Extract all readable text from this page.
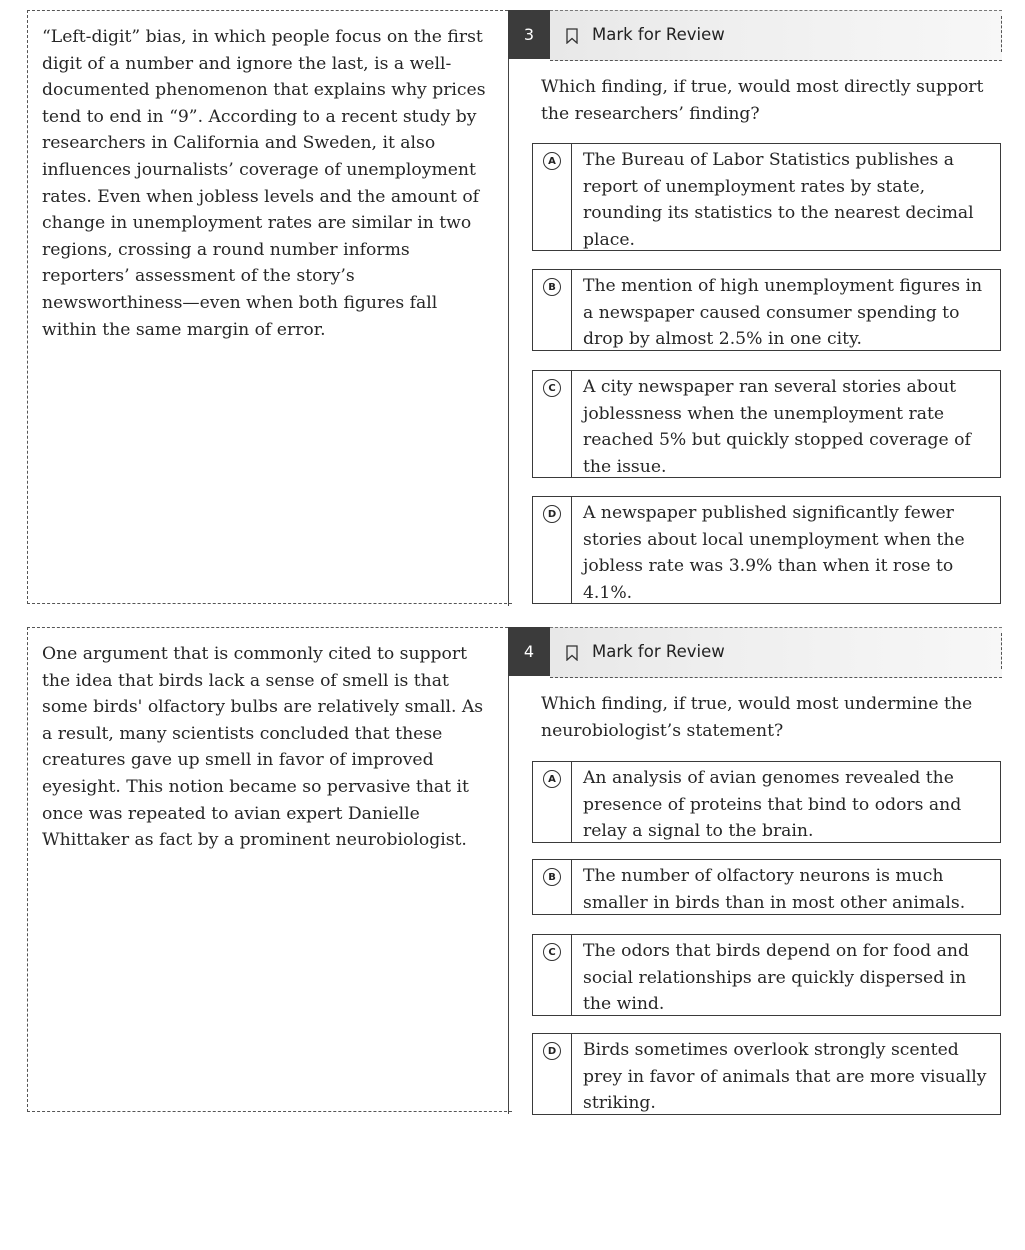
“Left-digit” bias, in which people focus on the first digit of a number and ignore the last, is a well-documented phenomenon that explains why prices tend to end in “9”. According to a recent study by researchers in California and Sweden, it also influences journalists’ coverage of unemployment rates. Even when jobless levels and the amount of change in unemployment rates are similar in two regions, crossing a round number informs reporters’ assessment of the story’s newsworthiness—even when both figures fall within the same margin of error.

3	Mark for Review

Which finding, if true, would most directly support the researchers’ finding?

A	The Bureau of Labor Statistics publishes a report of unemployment rates by state, rounding its statistics to the nearest decimal place.

B	The mention of high unemployment figures in a newspaper caused consumer spending to drop by almost 2.5% in one city.

C	A city newspaper ran several stories about joblessness when the unemployment rate reached 5% but quickly stopped coverage of the issue.

D	A newspaper published significantly fewer stories about local unemployment when the jobless rate was 3.9% than when it rose to 4.1%.

One argument that is commonly cited to support the idea that birds lack a sense of smell is that some birds' olfactory bulbs are relatively small. As a result, many scientists concluded that these creatures gave up smell in favor of improved eyesight. This notion became so pervasive that it once was repeated to avian expert Danielle Whittaker as fact by a prominent neurobiologist.

4	Mark for Review

Which finding, if true, would most undermine the neurobiologist’s statement?

A	An analysis of avian genomes revealed the presence of proteins that bind to odors and relay a signal to the brain.

B	The number of olfactory neurons is much smaller in birds than in most other animals.

C	The odors that birds depend on for food and social relationships are quickly dispersed in the wind.

D	Birds sometimes overlook strongly scented prey in favor of animals that are more visually striking.
